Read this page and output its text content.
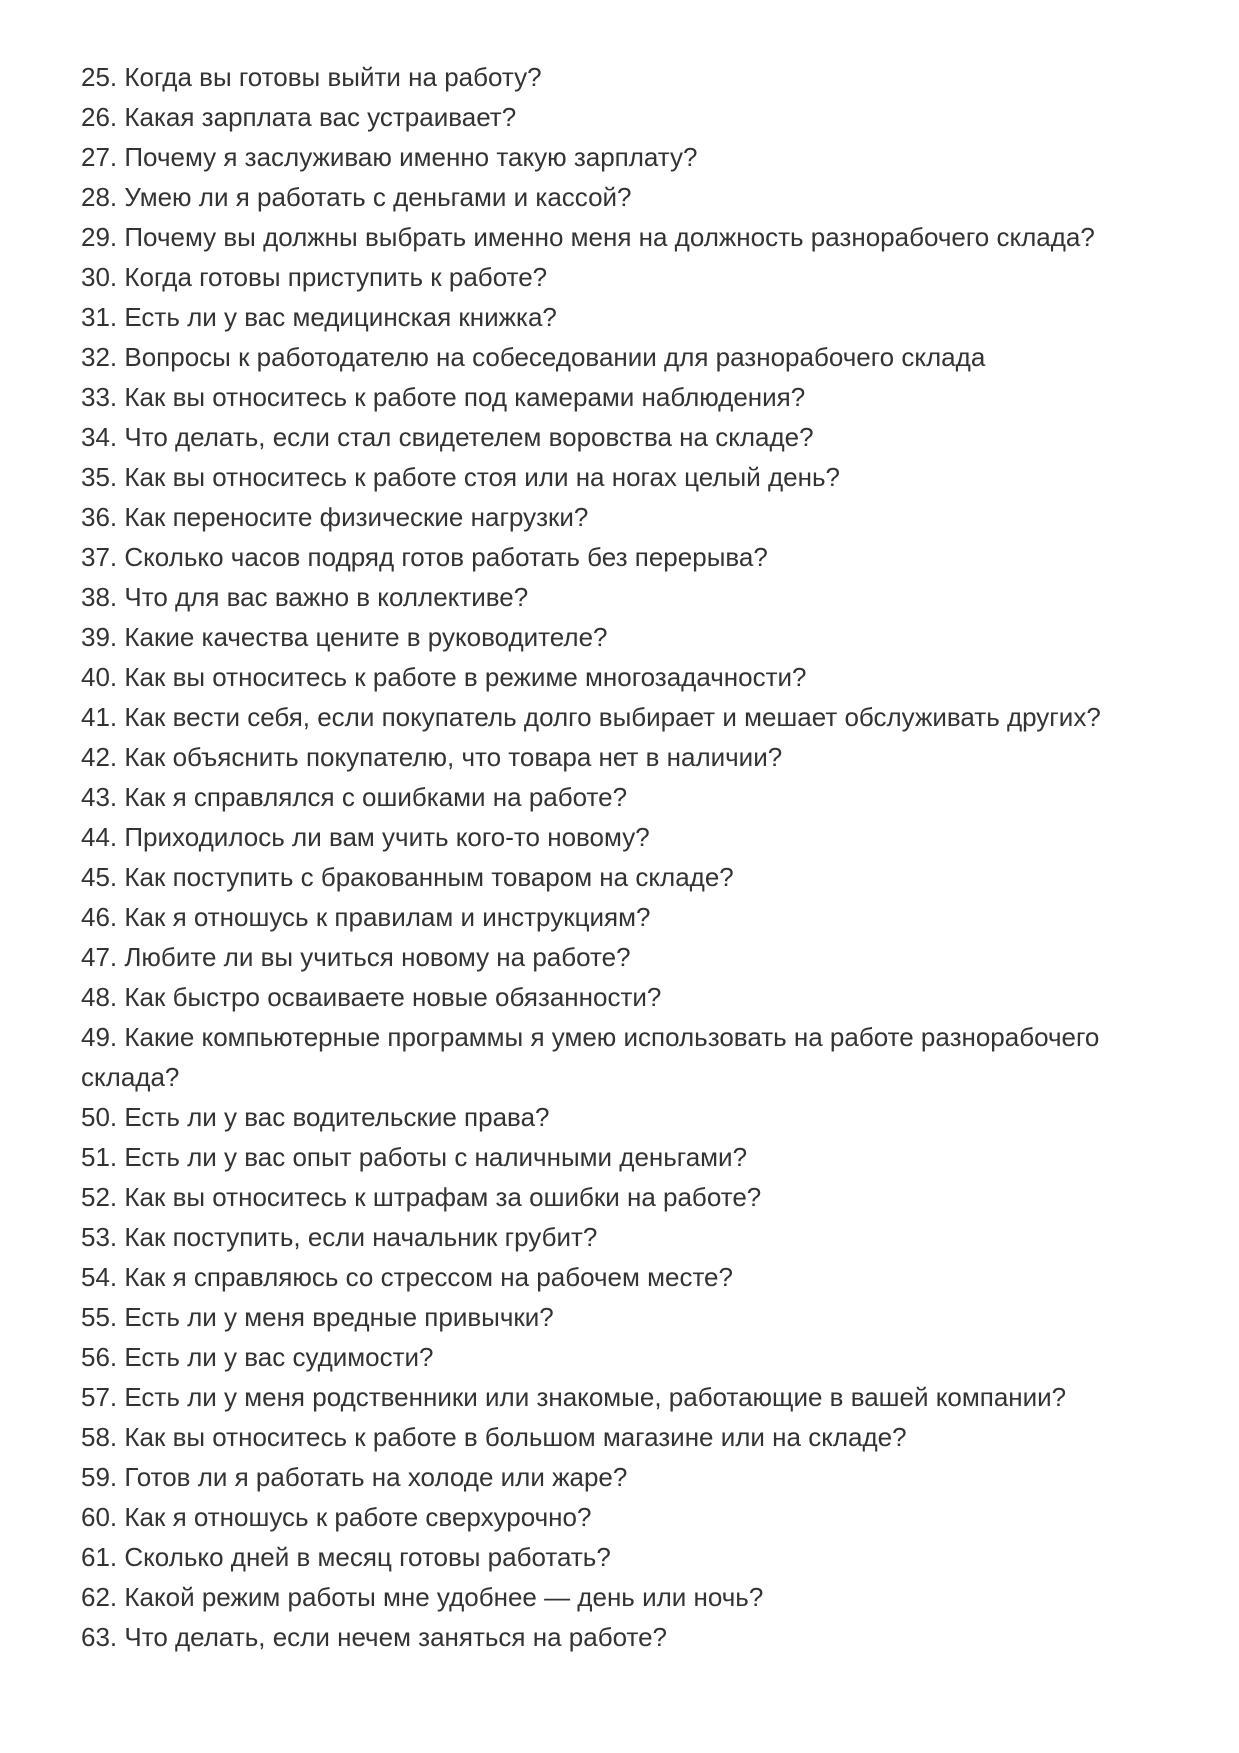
25. Когда вы готовы выйти на работу?

26. Какая зарплата вас устраивает?

27. Почему я заслуживаю именно такую зарплату?

28. Умею ли я работать с деньгами и кассой?

29. Почему вы должны выбрать именно меня на должность разнорабочего склада?

30. Когда готовы приступить к работе?

31. Есть ли у вас медицинская книжка?

32. Вопросы к работодателю на собеседовании для разнорабочего склада

33. Как вы относитесь к работе под камерами наблюдения?

34. Что делать, если стал свидетелем воровства на складе?

35. Как вы относитесь к работе стоя или на ногах целый день?

36. Как переносите физические нагрузки?

37. Сколько часов подряд готов работать без перерыва?

38. Что для вас важно в коллективе?

39. Какие качества цените в руководителе?

40. Как вы относитесь к работе в режиме многозадачности?

41. Как вести себя, если покупатель долго выбирает и мешает обслуживать других?

42. Как объяснить покупателю, что товара нет в наличии?

43. Как я справлялся с ошибками на работе?

44. Приходилось ли вам учить кого-то новому?

45. Как поступить с бракованным товаром на складе?

46. Как я отношусь к правилам и инструкциям?

47. Любите ли вы учиться новому на работе?

48. Как быстро осваиваете новые обязанности?

49. Какие компьютерные программы я умею использовать на работе разнорабочего склада?

50. Есть ли у вас водительские права?

51. Есть ли у вас опыт работы с наличными деньгами?

52. Как вы относитесь к штрафам за ошибки на работе?

53. Как поступить, если начальник грубит?

54. Как я справляюсь со стрессом на рабочем месте?

55. Есть ли у меня вредные привычки?

56. Есть ли у вас судимости?

57. Есть ли у меня родственники или знакомые, работающие в вашей компании?

58. Как вы относитесь к работе в большом магазине или на складе?

59. Готов ли я работать на холоде или жаре?

60. Как я отношусь к работе сверхурочно?

61. Сколько дней в месяц готовы работать?

62. Какой режим работы мне удобнее — день или ночь?

63. Что делать, если нечем заняться на работе?
